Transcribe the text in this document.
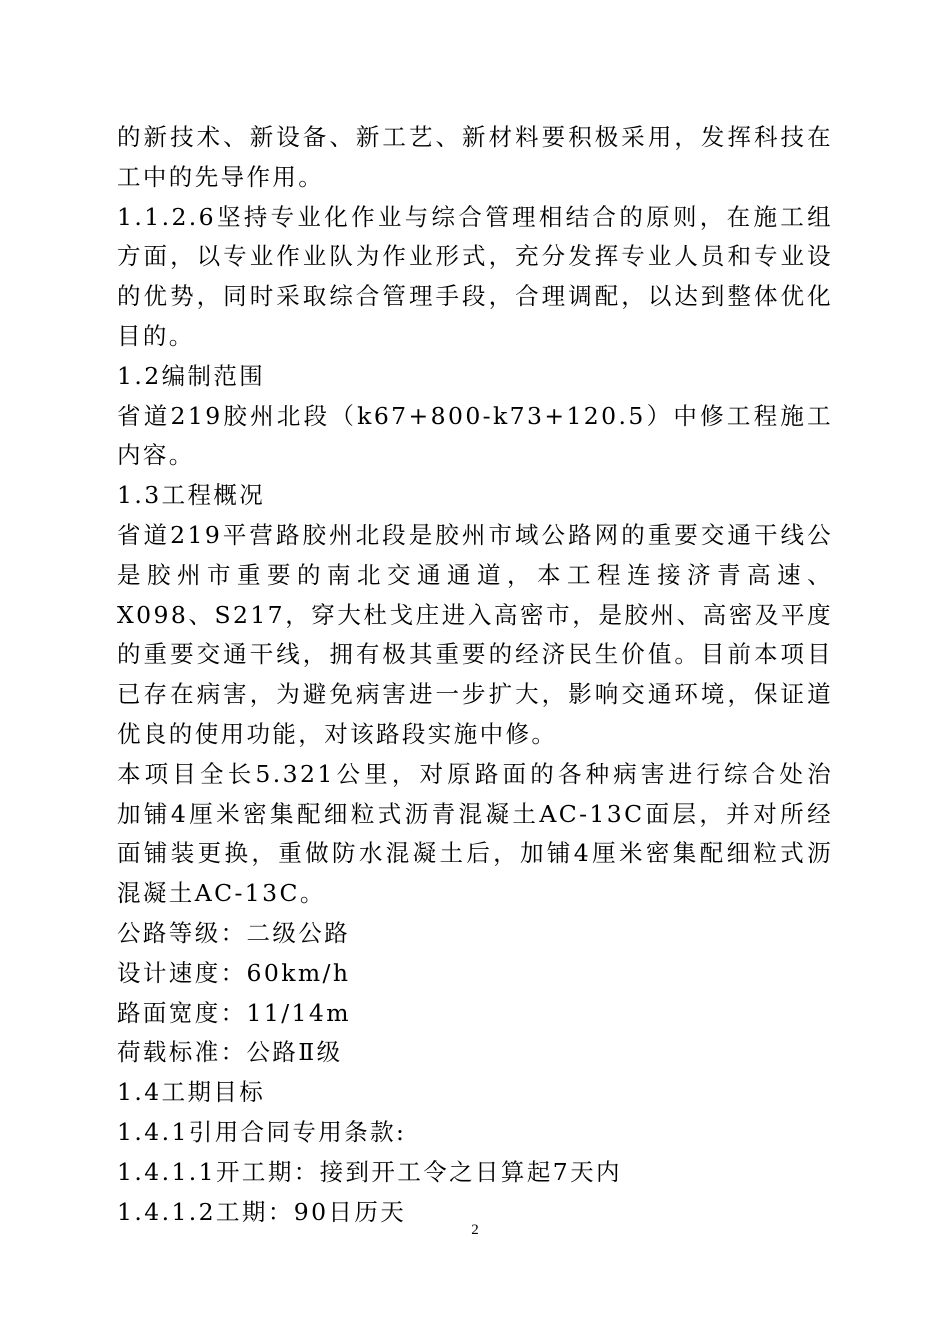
的新技术、新设备、新工艺、新材料要积极采用，发挥科技在
工中的先导作用。
1.1.2.6坚持专业化作业与综合管理相结合的原则，在施工组
方面，以专业作业队为作业形式，充分发挥专业人员和专业设
的优势，同时采取综合管理手段，合理调配，以达到整体优化
目的。
1.2编制范围
省道219胶州北段（k67+800-k73+120.5）中修工程施工
内容。
1.3工程概况
省道219平营路胶州北段是胶州市域公路网的重要交通干线公
是胶州市重要的南北交通通道，本工程连接济青高速、
X098、S217，穿大杜戈庄进入高密市，是胶州、高密及平度
的重要交通干线，拥有极其重要的经济民生价值。目前本项目
已存在病害，为避免病害进一步扩大，影响交通环境，保证道
优良的使用功能，对该路段实施中修。
本项目全长5.321公里，对原路面的各种病害进行综合处治
加铺4厘米密集配细粒式沥青混凝土AC-13C面层，并对所经
面铺装更换，重做防水混凝土后，加铺4厘米密集配细粒式沥
混凝土AC-13C。
公路等级：二级公路
设计速度：60km/h
路面宽度：11/14m
荷载标准：公路Ⅱ级
1.4工期目标
1.4.1引用合同专用条款:
1.4.1.1开工期：接到开工令之日算起7天内
1.4.1.2工期：90日历天
2
